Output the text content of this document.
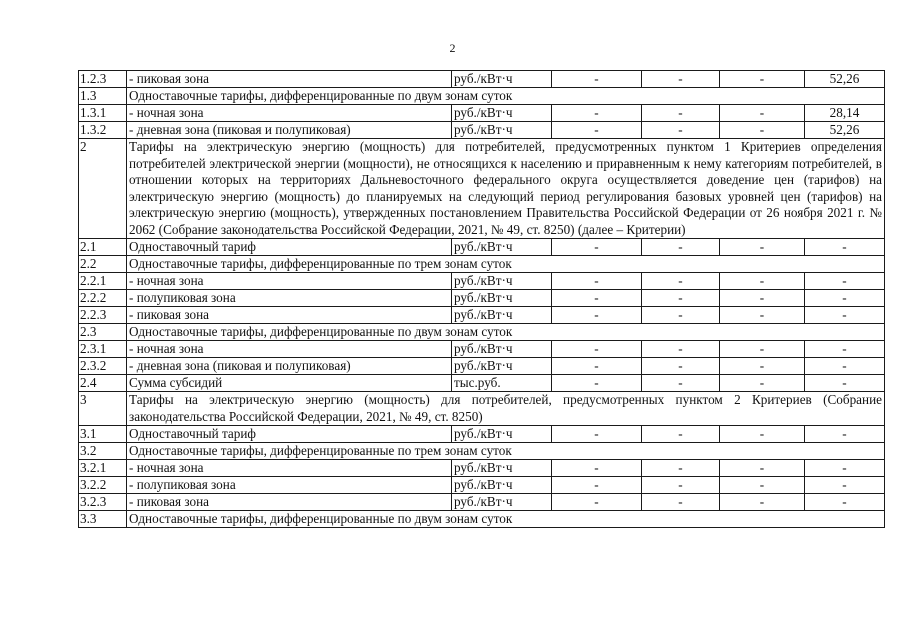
2
1.2.3	- пиковая зона	руб./кВт·ч	-	-	-	52,26
1.3	Одноставочные тарифы, дифференцированные по двум зонам суток					
1.3.1	- ночная зона	руб./кВт·ч	-	-	-	28,14
1.3.2	- дневная зона (пиковая и полупиковая)	руб./кВт·ч	-	-	-	52,26
2	Тарифы на электрическую энергию (мощность) для потребителей, предусмотренных пунктом 1 Критериев определения потребителей электрической энергии (мощности), не относящихся к населению и приравненным к нему категориям потребителей, в отношении которых на территориях Дальневосточного федерального округа осуществляется доведение цен (тарифов) на электрическую энергию (мощность) до планируемых на следующий период регулирования базовых уровней цен (тарифов) на электрическую энергию (мощность), утвержденных постановлением Правительства Российской Федерации от 26 ноября 2021 г. № 2062 (Собрание законодательства Российской Федерации, 2021, № 49, ст. 8250) (далее – Критерии)					
2.1	Одноставочный тариф	руб./кВт·ч	-	-	-	-
2.2	Одноставочные тарифы, дифференцированные по трем зонам суток					
2.2.1	- ночная зона	руб./кВт·ч	-	-	-	-
2.2.2	- полупиковая зона	руб./кВт·ч	-	-	-	-
2.2.3	- пиковая зона	руб./кВт·ч	-	-	-	-
2.3	Одноставочные тарифы, дифференцированные по двум зонам суток					
2.3.1	- ночная зона	руб./кВт·ч	-	-	-	-
2.3.2	- дневная зона (пиковая и полупиковая)	руб./кВт·ч	-	-	-	-
2.4	Сумма субсидий	тыс.руб.	-	-	-	-
3	Тарифы на электрическую энергию (мощность) для потребителей, предусмотренных пунктом 2 Критериев (Собрание законодательства Российской Федерации, 2021, № 49, ст. 8250)					
3.1	Одноставочный тариф	руб./кВт·ч	-	-	-	-
3.2	Одноставочные тарифы, дифференцированные по трем зонам суток					
3.2.1	- ночная зона	руб./кВт·ч	-	-	-	-
3.2.2	- полупиковая зона	руб./кВт·ч	-	-	-	-
3.2.3	- пиковая зона	руб./кВт·ч	-	-	-	-
3.3	Одноставочные тарифы, дифференцированные по двум зонам суток					
